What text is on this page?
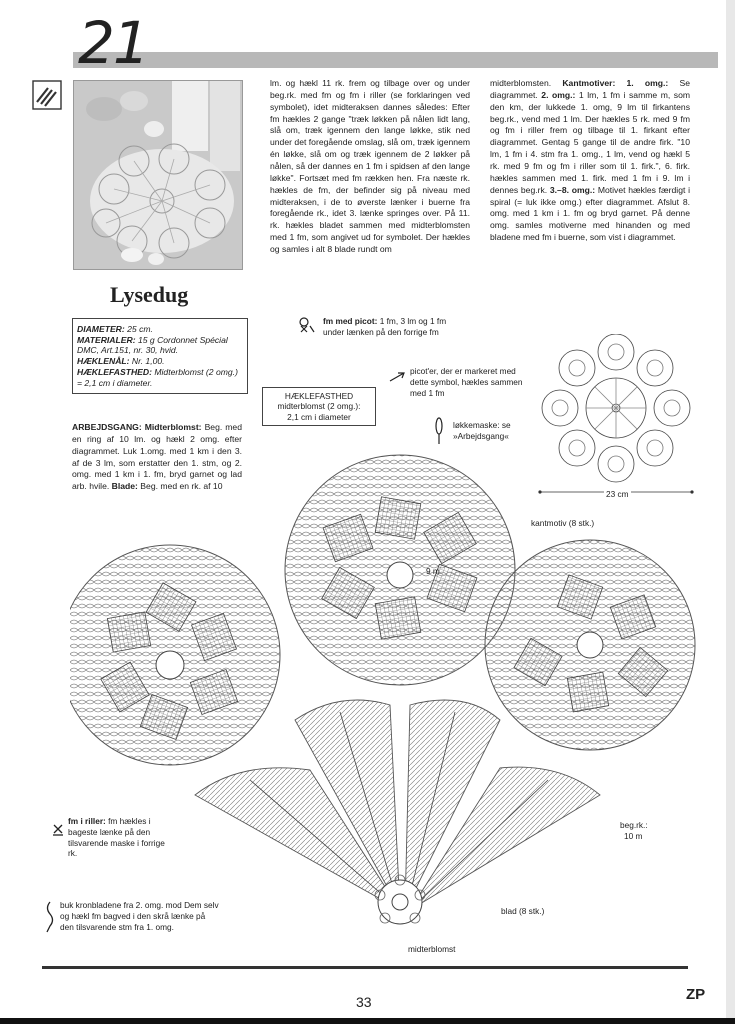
21
Lysedug
DIAMETER: 25 cm.
MATERIALER: 15 g Cordonnet Spécial DMC, Art.151, nr. 30, hvid.
HÆKLENÅL: Nr. 1,00.
HÆKLEFASTHED: Midterblomst (2 omg.) = 2,1 cm i diameter.
ARBEJDSGANG: Midterblomst: Beg. med en ring af 10 lm. og hækl 2 omg. efter diagrammet. Luk 1.omg. med 1 km i den 3. af de 3 lm, som erstatter den 1. stm, og 2. omg. med 1 km i 1. fm, bryd garnet og lad arb. hvile. Blade: Beg. med en rk. af 10
lm. og hækl 11 rk. frem og tilbage over og under beg.rk. med fm og fm i riller (se forklaringen ved symbolet), idet midteraksen dannes således: Efter fm hækles 2 gange "træk løkken på nålen lidt lang, slå om, træk igennem den lange løkke, stik ned under det foregående omslag, slå om, træk igennem én løkke, slå om og træk igennem de 2 løkker på nålen, så der dannes en 1 fm i spidsen af den lange løkke". Fortsæt med fm rækken hen. Fra næste rk. hækles de fm, der befinder sig på niveau med midteraksen, i de to øverste lænker i buerne fra foregående rk., idet 3. lænke springes over. På 11. rk. hækles bladet sammen med midterblomsten med 1 fm, som angivet ud for symbolet. Der hækles og samles i alt 8 blade rundt om
midterblomsten. Kantmotiver: 1. omg.: Se diagrammet. 2. omg.: 1 lm, 1 fm i samme m, som den km, der lukkede 1. omg, 9 lm til firkantens beg.rk., vend med 1 lm. Der hækles 5 rk. med 9 fm og fm i riller frem og tilbage til 1. firkant efter diagrammet. Gentag 5 gange til de andre firk. "10 lm, 1 fm i 4. stm fra 1. omg., 1 lm, vend og hækl 5 rk. med 9 fm og fm i riller som til 1. firk.", 6. firk. hækles sammen med 1. firk. med 1 fm i 9. lm i dennes beg.rk. 3.–8. omg.: Motivet hækles færdigt i spiral (= luk ikke omg.) efter diagrammet. Afslut 8. omg. med 1 km i 1. fm og bryd garnet. På denne omg. samles motiverne med hinanden og med bladene med fm i buerne, som vist i diagrammet.
HÆKLEFASTHED
midterblomst (2 omg.):
2,1 cm i diameter
fm med picot: 1 fm, 3 lm og 1 fm under lænken på den forrige fm
picot'er, der er markeret med dette symbol, hækles sammen med 1 fm
løkkemaske: se »Arbejdsgang«
23 cm
kantmotiv (8 stk.)
9 m.
beg.rk.:
10 m
blad (8 stk.)
midterblomst
fm i riller: fm hækles i bageste lænke på den tilsvarende maske i forrige rk.
buk kronbladene fra 2. omg. mod Dem selv og hækl fm bagved i den skrå lænke på den tilsvarende stm fra 1. omg.
33	ZP
